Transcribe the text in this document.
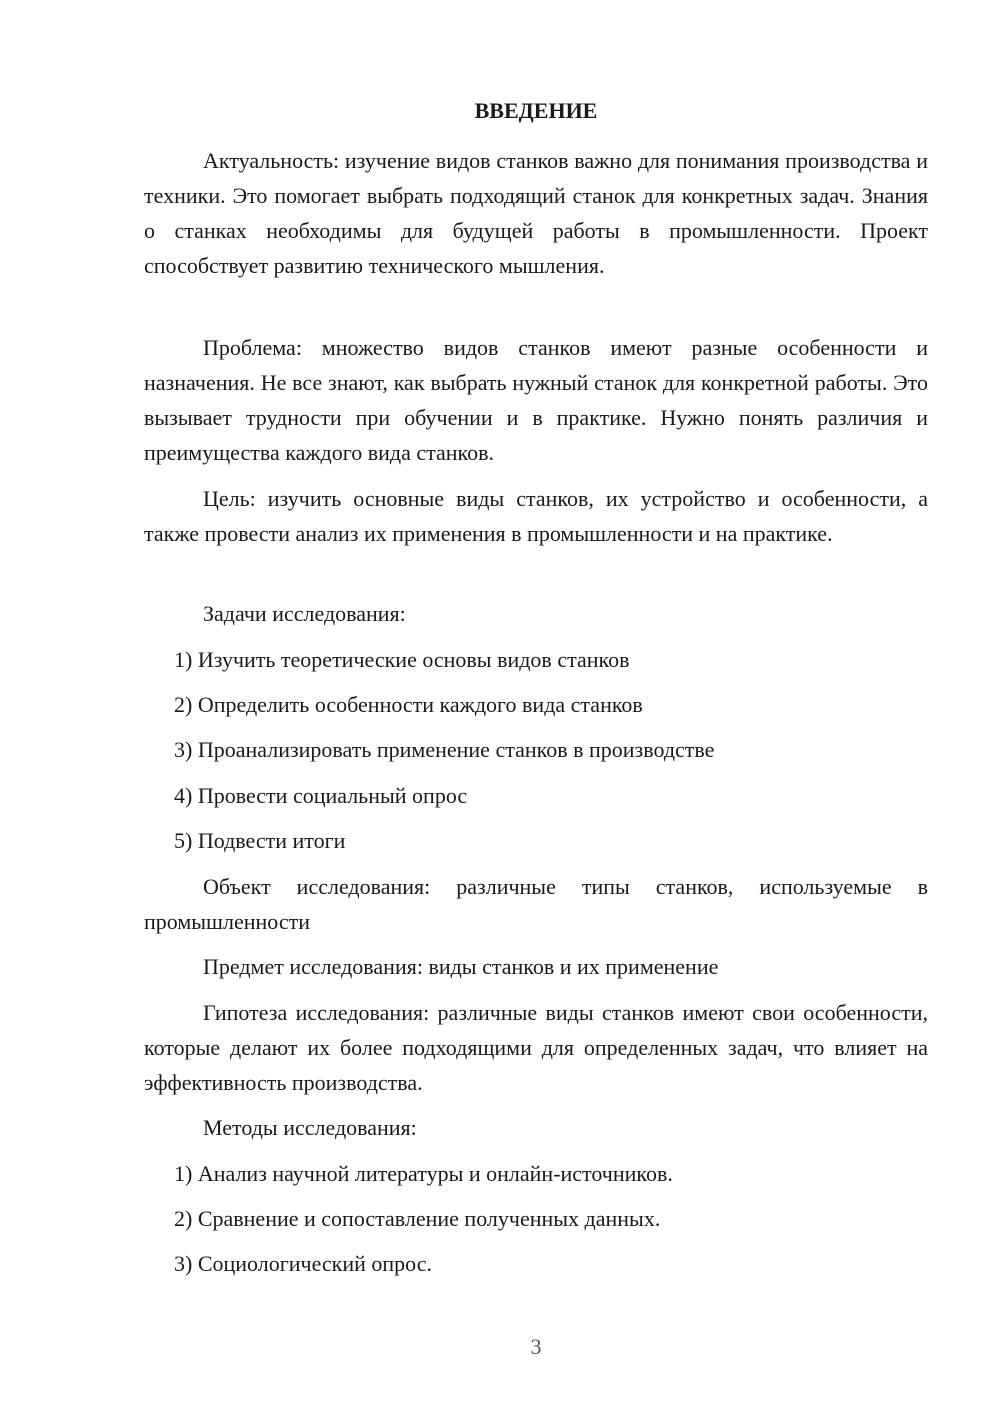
ВВЕДЕНИЕ

Актуальность: изучение видов станков важно для понимания производства и техники. Это помогает выбрать подходящий станок для конкретных задач. Знания о станках необходимы для будущей работы в промышленности. Проект способствует развитию технического мышления.

Проблема: множество видов станков имеют разные особенности и назначения. Не все знают, как выбрать нужный станок для конкретной работы. Это вызывает трудности при обучении и в практике. Нужно понять различия и преимущества каждого вида станков.

Цель: изучить основные виды станков, их устройство и особенности, а также провести анализ их применения в промышленности и на практике.

Задачи исследования:

1) Изучить теоретические основы видов станков

2) Определить особенности каждого вида станков

3) Проанализировать применение станков в производстве

4) Провести социальный опрос

5) Подвести итоги

Объект исследования: различные типы станков, используемые в промышленности

Предмет исследования: виды станков и их применение

Гипотеза исследования: различные виды станков имеют свои особенности, которые делают их более подходящими для определенных задач, что влияет на эффективность производства.

Методы исследования:

1) Анализ научной литературы и онлайн-источников.

2) Сравнение и сопоставление полученных данных.

3) Социологический опрос.

3
